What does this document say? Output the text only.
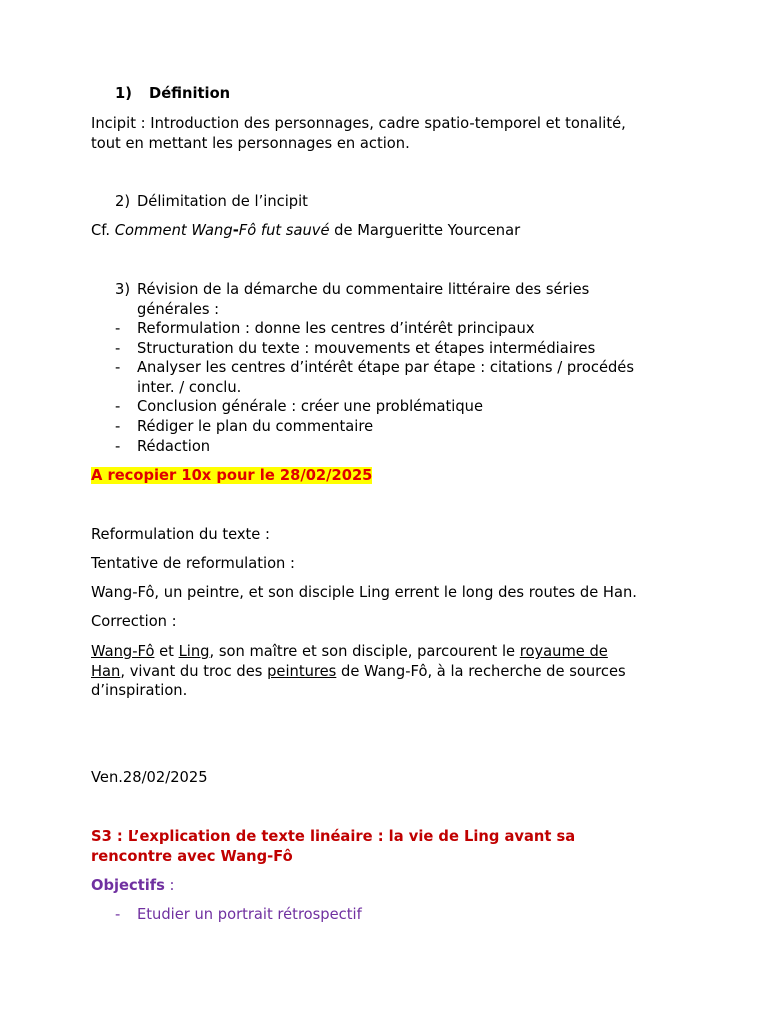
1) Définition
Incipit : Introduction des personnages, cadre spatio-temporel et tonalité,
tout en mettant les personnages en action.
2) Délimitation de l’incipit
Cf. Comment Wang-Fô fut sauvé de Margueritte Yourcenar
3) Révision de la démarche du commentaire littéraire des séries
générales :
- Reformulation : donne les centres d’intérêt principaux
- Structuration du texte : mouvements et étapes intermédiaires
- Analyser les centres d’intérêt étape par étape : citations / procédés
inter. / conclu.
- Conclusion générale : créer une problématique
- Rédiger le plan du commentaire
- Rédaction
A recopier 10x pour le 28/02/2025
Reformulation du texte :
Tentative de reformulation :
Wang-Fô, un peintre, et son disciple Ling errent le long des routes de Han.
Correction :
Wang-Fô et Ling, son maître et son disciple, parcourent le royaume de
Han, vivant du troc des peintures de Wang-Fô, à la recherche de sources
d’inspiration.
Ven.28/02/2025
S3 : L’explication de texte linéaire : la vie de Ling avant sa
rencontre avec Wang-Fô
Objectifs :
- Etudier un portrait rétrospectif
